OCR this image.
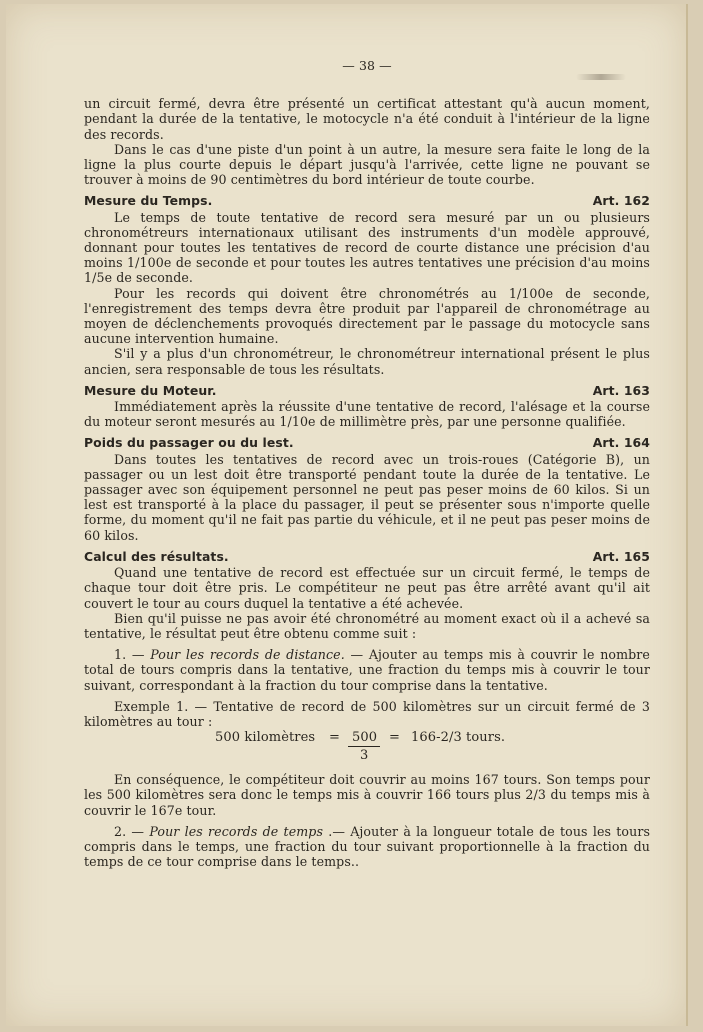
— 38 —

un circuit fermé, devra être présenté un certificat attestant qu'à aucun moment, pendant la durée de la tentative, le motocycle n'a été conduit à l'intérieur de la ligne des records.

Dans le cas d'une piste d'un point à un autre, la mesure sera faite le long de la ligne la plus courte depuis le départ jusqu'à l'arrivée, cette ligne ne pouvant se trouver à moins de 90 centimètres du bord intérieur de toute courbe.

Mesure du Temps.	Art. 162

Le temps de toute tentative de record sera mesuré par un ou plusieurs chronométreurs internationaux utilisant des instruments d'un modèle approuvé, donnant pour toutes les tentatives de record de courte distance une précision d'au moins 1/100e de seconde et pour toutes les autres tentatives une précision d'au moins 1/5e de seconde.

Pour les records qui doivent être chronométrés au 1/100e de seconde, l'enregistrement des temps devra être produit par l'appareil de chronométrage au moyen de déclenchements provoqués directement par le passage du motocycle sans aucune intervention humaine.

S'il y a plus d'un chronométreur, le chronométreur international présent le plus ancien, sera responsable de tous les résultats.

Mesure du Moteur.	Art. 163

Immédiatement après la réussite d'une tentative de record, l'alésage et la course du moteur seront mesurés au 1/10e de millimètre près, par une personne qualifiée.

Poids du passager ou du lest.	Art. 164

Dans toutes les tentatives de record avec un trois-roues (Catégorie B), un passager ou un lest doit être transporté pendant toute la durée de la tentative. Le passager avec son équipement personnel ne peut pas peser moins de 60 kilos. Si un lest est transporté à la place du passager, il peut se présenter sous n'importe quelle forme, du moment qu'il ne fait pas partie du véhicule, et il ne peut pas peser moins de 60 kilos.

Calcul des résultats.	Art. 165

Quand une tentative de record est effectuée sur un circuit fermé, le temps de chaque tour doit être pris. Le compétiteur ne peut pas être arrêté avant qu'il ait couvert le tour au cours duquel la tentative a été achevée.

Bien qu'il puisse ne pas avoir été chronométré au moment exact où il a achevé sa tentative, le résultat peut être obtenu comme suit :

1. — Pour les records de distance. — Ajouter au temps mis à couvrir le nombre total de tours compris dans la tentative, une fraction du temps mis à couvrir le tour suivant, correspondant à la fraction du tour comprise dans la tentative.

Exemple 1. — Tentative de record de 500 kilomètres sur un circuit fermé de 3 kilomètres au tour :

500 kilomètres = 500
3
= 166-2/3 tours.

En conséquence, le compétiteur doit couvrir au moins 167 tours. Son temps pour les 500 kilomètres sera donc le temps mis à couvrir 166 tours plus 2/3 du temps mis à couvrir le 167e tour.

2. — Pour les records de temps .— Ajouter à la longueur totale de tous les tours compris dans le temps, une fraction du tour suivant proportionnelle à la fraction du temps de ce tour comprise dans le temps..
